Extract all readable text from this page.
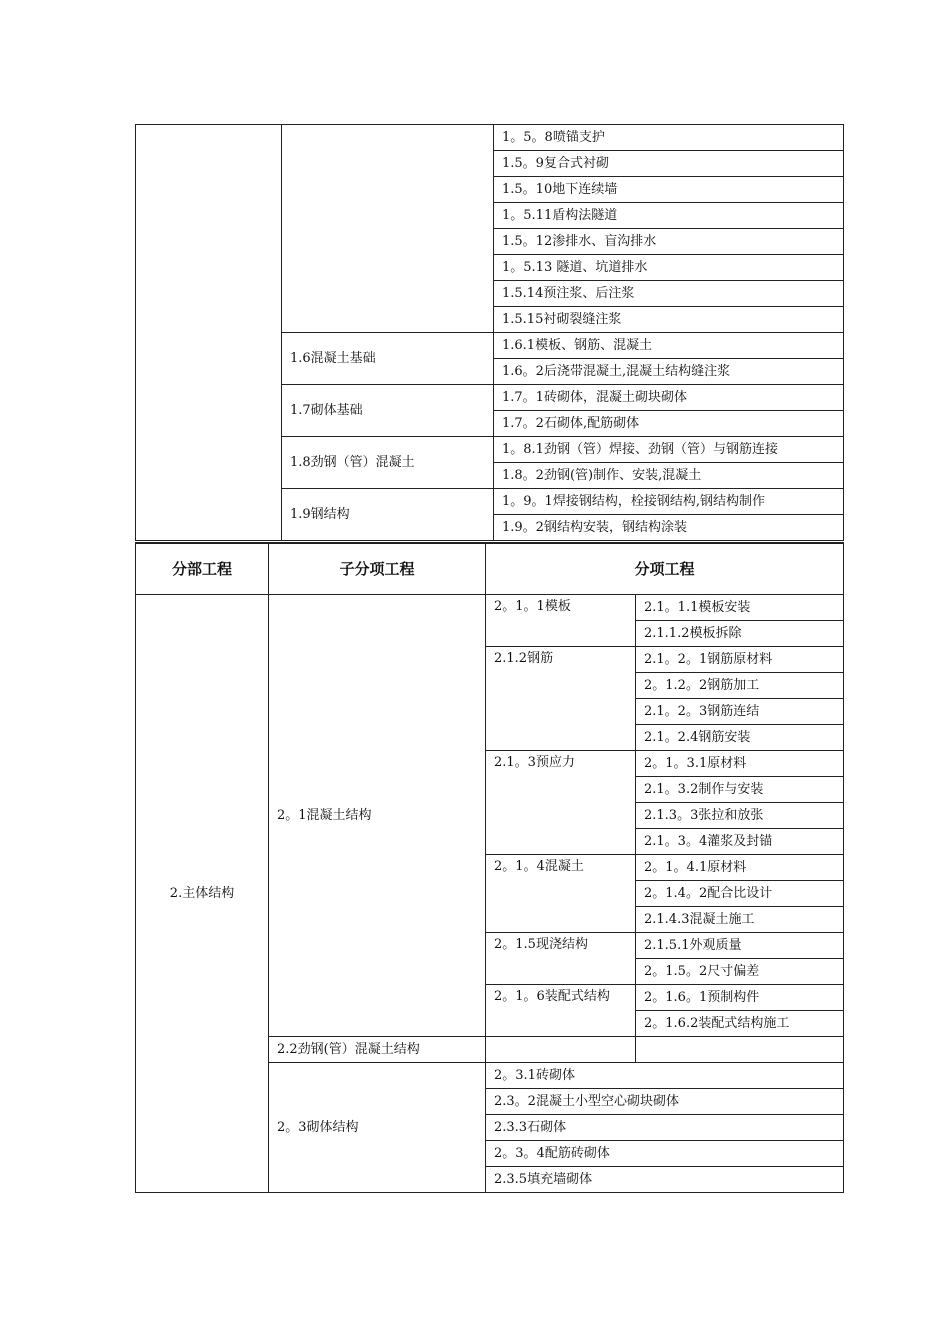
		1。5。8喷锚支护
		1.5。9复合式衬砌
		1.5。10地下连续墙
		1。5.11盾构法隧道
		1.5。12渗排水、盲沟排水
		1。5.13 隧道、坑道排水
		1.5.14预注浆、后注浆
		1.5.15衬砌裂缝注浆
	1.6混凝土基础	1.6.1模板、钢筋、混凝土
		1.6。2后浇带混凝土,混凝土结构缝注浆
	1.7砌体基础	1.7。1砖砌体，混凝土砌块砌体
		1.7。2石砌体,配筋砌体
	1.8劲钢（管）混凝土	1。8.1劲钢（管）焊接、劲钢（管）与钢筋连接
		1.8。2劲钢(管)制作、安装,混凝土
	1.9钢结构	1。9。1焊接钢结构，栓接钢结构,钢结构制作
		1.9。2钢结构安装，钢结构涂装
分部工程	子分项工程	分项工程	
2.主体结构	2。1混凝土结构	2。1。1模板	2.1。1.1模板安装
			2.1.1.2模板拆除
		2.1.2钢筋	2.1。2。1钢筋原材料
			2。1.2。2钢筋加工
			2.1。2。3钢筋连结
			2.1。2.4钢筋安装
		2.1。3预应力	2。1。3.1原材料
			2.1。3.2制作与安装
			2.1.3。3张拉和放张
			2.1。3。4灌浆及封锚
		2。1。4混凝土	2。1。4.1原材料
			2。1.4。2配合比设计
			2.1.4.3混凝土施工
		2。1.5现浇结构	2.1.5.1外观质量
			2。1.5。2尺寸偏差
		2。1。6装配式结构	2。1.6。1预制构件
			2。1.6.2装配式结构施工
	2.2劲钢(管）混凝土结构		
	2。3砌体结构	2。3.1砖砌体	
		2.3。2混凝土小型空心砌块砌体	
		2.3.3石砌体	
		2。3。4配筋砖砌体	
		2.3.5填充墙砌体	
